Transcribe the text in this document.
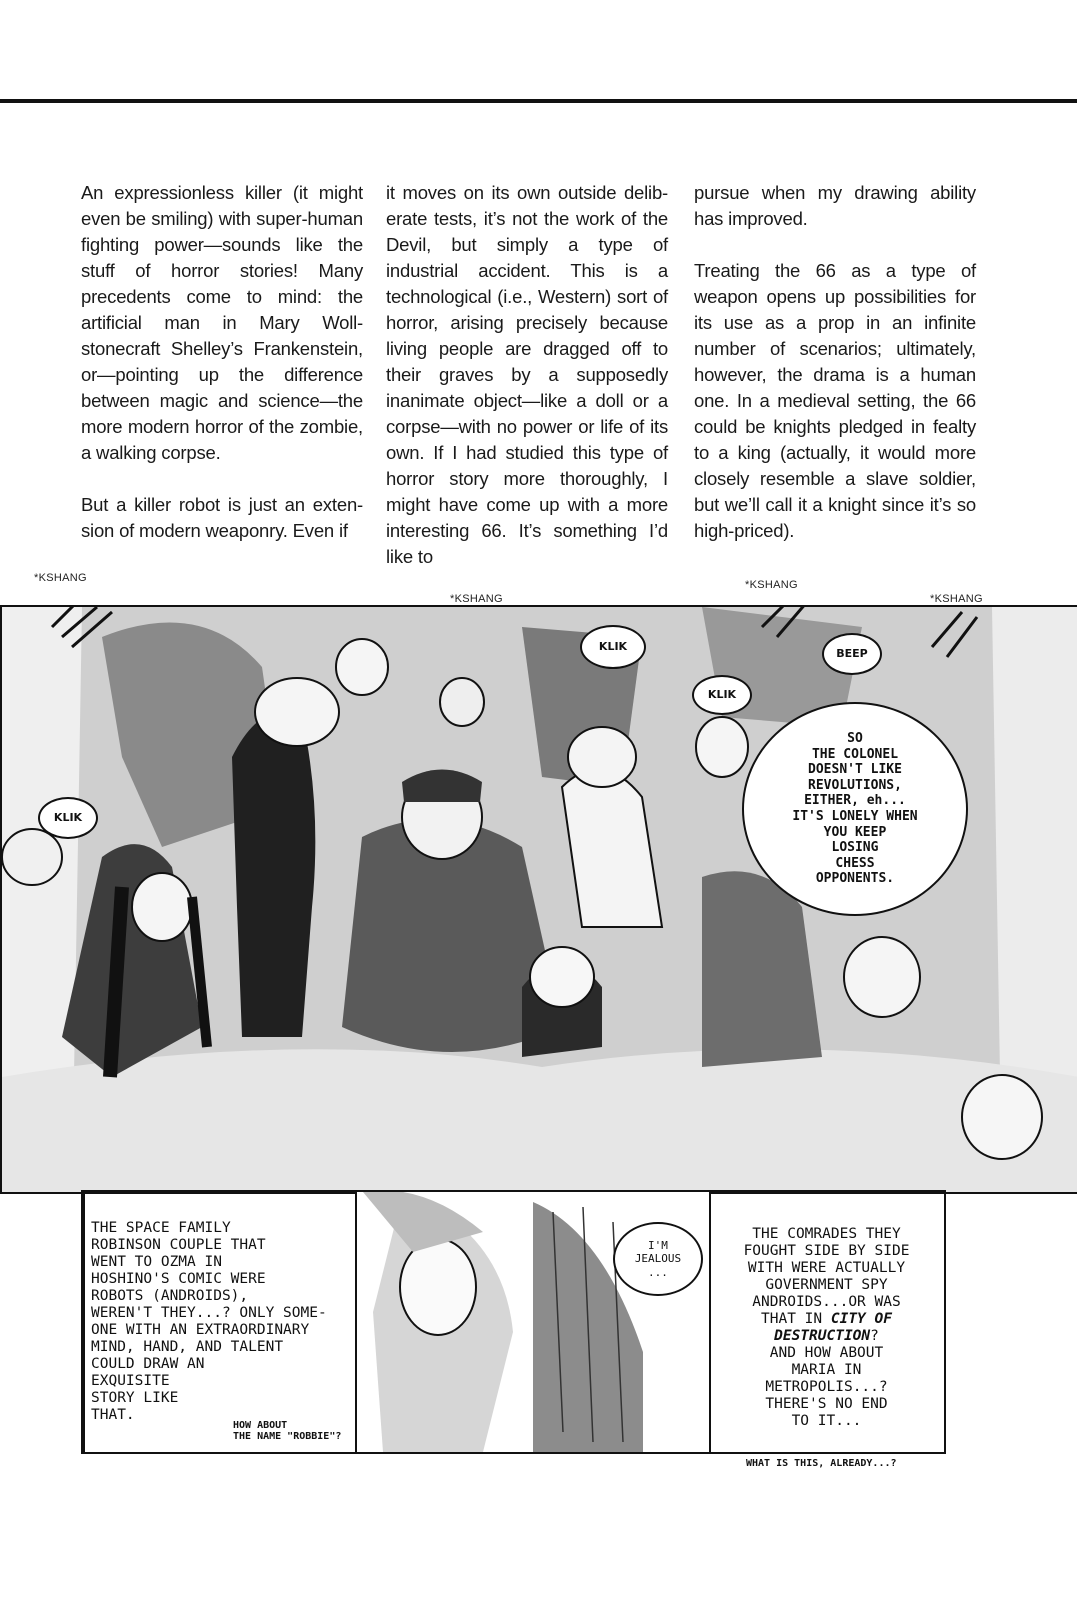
An expressionless killer (it might even be smiling) with super-human fighting power—sounds like the stuff of horror stories! Many precedents come to mind: the artificial man in Mary Woll-stonecraft Shelley’s Frankenstein, or—pointing up the difference between magic and science—the more modern horror of the zombie, a walking corpse.

But a killer robot is just an exten-sion of modern weaponry. Even if

it moves on its own outside delib-erate tests, it’s not the work of the Devil, but simply a type of industrial accident. This is a technological (i.e., Western) sort of horror, arising precisely because living people are dragged off to their graves by a supposedly inanimate object—like a doll or a corpse—with no power or life of its own. If I had studied this type of horror story more thoroughly, I might have come up with a more interesting 66. It’s something I’d like to

pursue when my drawing ability has improved.

Treating the 66 as a type of weapon opens up possibilities for its use as a prop in an infinite number of scenarios; ultimately, however, the drama is a human one. In a medieval setting, the 66 could be knights pledged in fealty to a king (actually, it would more closely resemble a slave soldier, but we’ll call it a knight since it’s so high-priced).

*KSHANG
*KSHANG
*KSHANG
*KSHANG
KLIK
KLIK
KLIK
BEEP
SO
THE COLONEL
DOESN'T LIKE
REVOLUTIONS,
EITHER, eh...
IT'S LONELY WHEN
YOU KEEP
LOSING
CHESS
OPPONENTS.
THE SPACE FAMILY
ROBINSON COUPLE THAT
WENT TO OZMA IN
HOSHINO'S COMIC WERE
ROBOTS (ANDROIDS),
WEREN'T THEY...? ONLY SOME-
ONE WITH AN EXTRAORDINARY
MIND, HAND, AND TALENT
COULD DRAW AN
EXQUISITE
STORY LIKE
THAT.
HOW ABOUT
THE NAME "ROBBIE"?
I'M
JEALOUS
...
THE COMRADES THEY
FOUGHT SIDE BY SIDE
WITH WERE ACTUALLY
GOVERNMENT SPY
ANDROIDS...OR WAS
THAT IN CITY OF DESTRUCTION?
AND HOW ABOUT
MARIA IN
METROPOLIS...?
THERE'S NO END
TO IT...
WHAT IS THIS, ALREADY...?
